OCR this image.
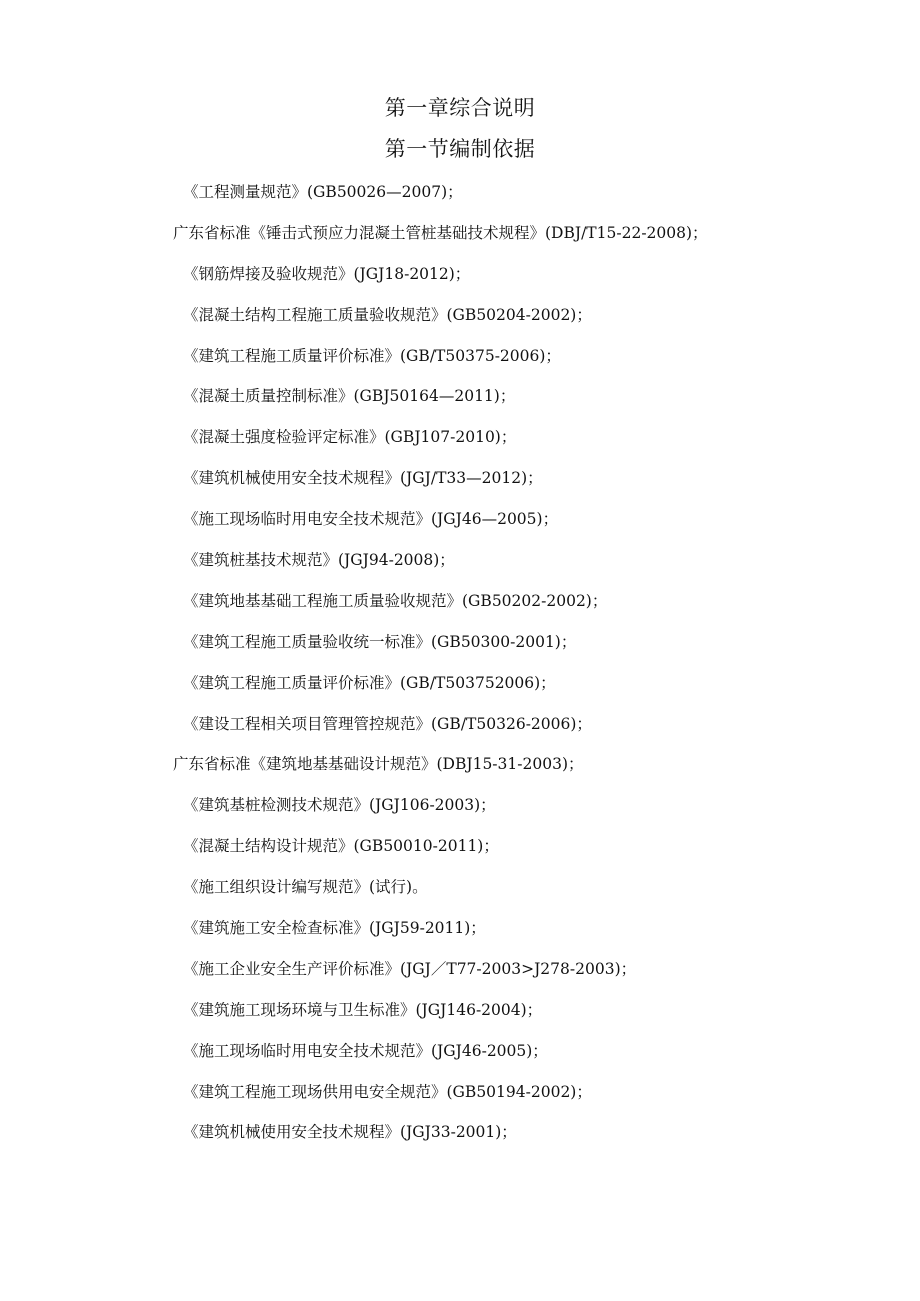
第一章综合说明
第一节编制依据
《工程测量规范》(GB50026—2007)；
广东省标准《锤击式预应力混凝土管桩基础技术规程》(DBJ/T15-22-2008)；
《钢筋焊接及验收规范》(JGJ18-2012)；
《混凝土结构工程施工质量验收规范》(GB50204-2002)；
《建筑工程施工质量评价标准》(GB/T50375-2006)；
《混凝土质量控制标准》(GBJ50164—2011)；
《混凝土强度检验评定标准》(GBJ107-2010)；
《建筑机械使用安全技术规程》(JGJ/T33—2012)；
《施工现场临时用电安全技术规范》(JGJ46—2005)；
《建筑桩基技术规范》(JGJ94-2008)；
《建筑地基基础工程施工质量验收规范》(GB50202-2002)；
《建筑工程施工质量验收统一标准》(GB50300-2001)；
《建筑工程施工质量评价标准》(GB/T503752006)；
《建设工程相关项目管理管控规范》(GB/T50326-2006)；
广东省标准《建筑地基基础设计规范》(DBJ15-31-2003)；
《建筑基桩检测技术规范》(JGJ106-2003)；
《混凝土结构设计规范》(GB50010-2011)；
《施工组织设计编写规范》(试行)。
《建筑施工安全检查标准》(JGJ59-2011)；
《施工企业安全生产评价标准》(JGJ／T77-2003>J278-2003)；
《建筑施工现场环境与卫生标准》(JGJ146-2004)；
《施工现场临时用电安全技术规范》(JGJ46-2005)；
《建筑工程施工现场供用电安全规范》(GB50194-2002)；
《建筑机械使用安全技术规程》(JGJ33-2001)；
